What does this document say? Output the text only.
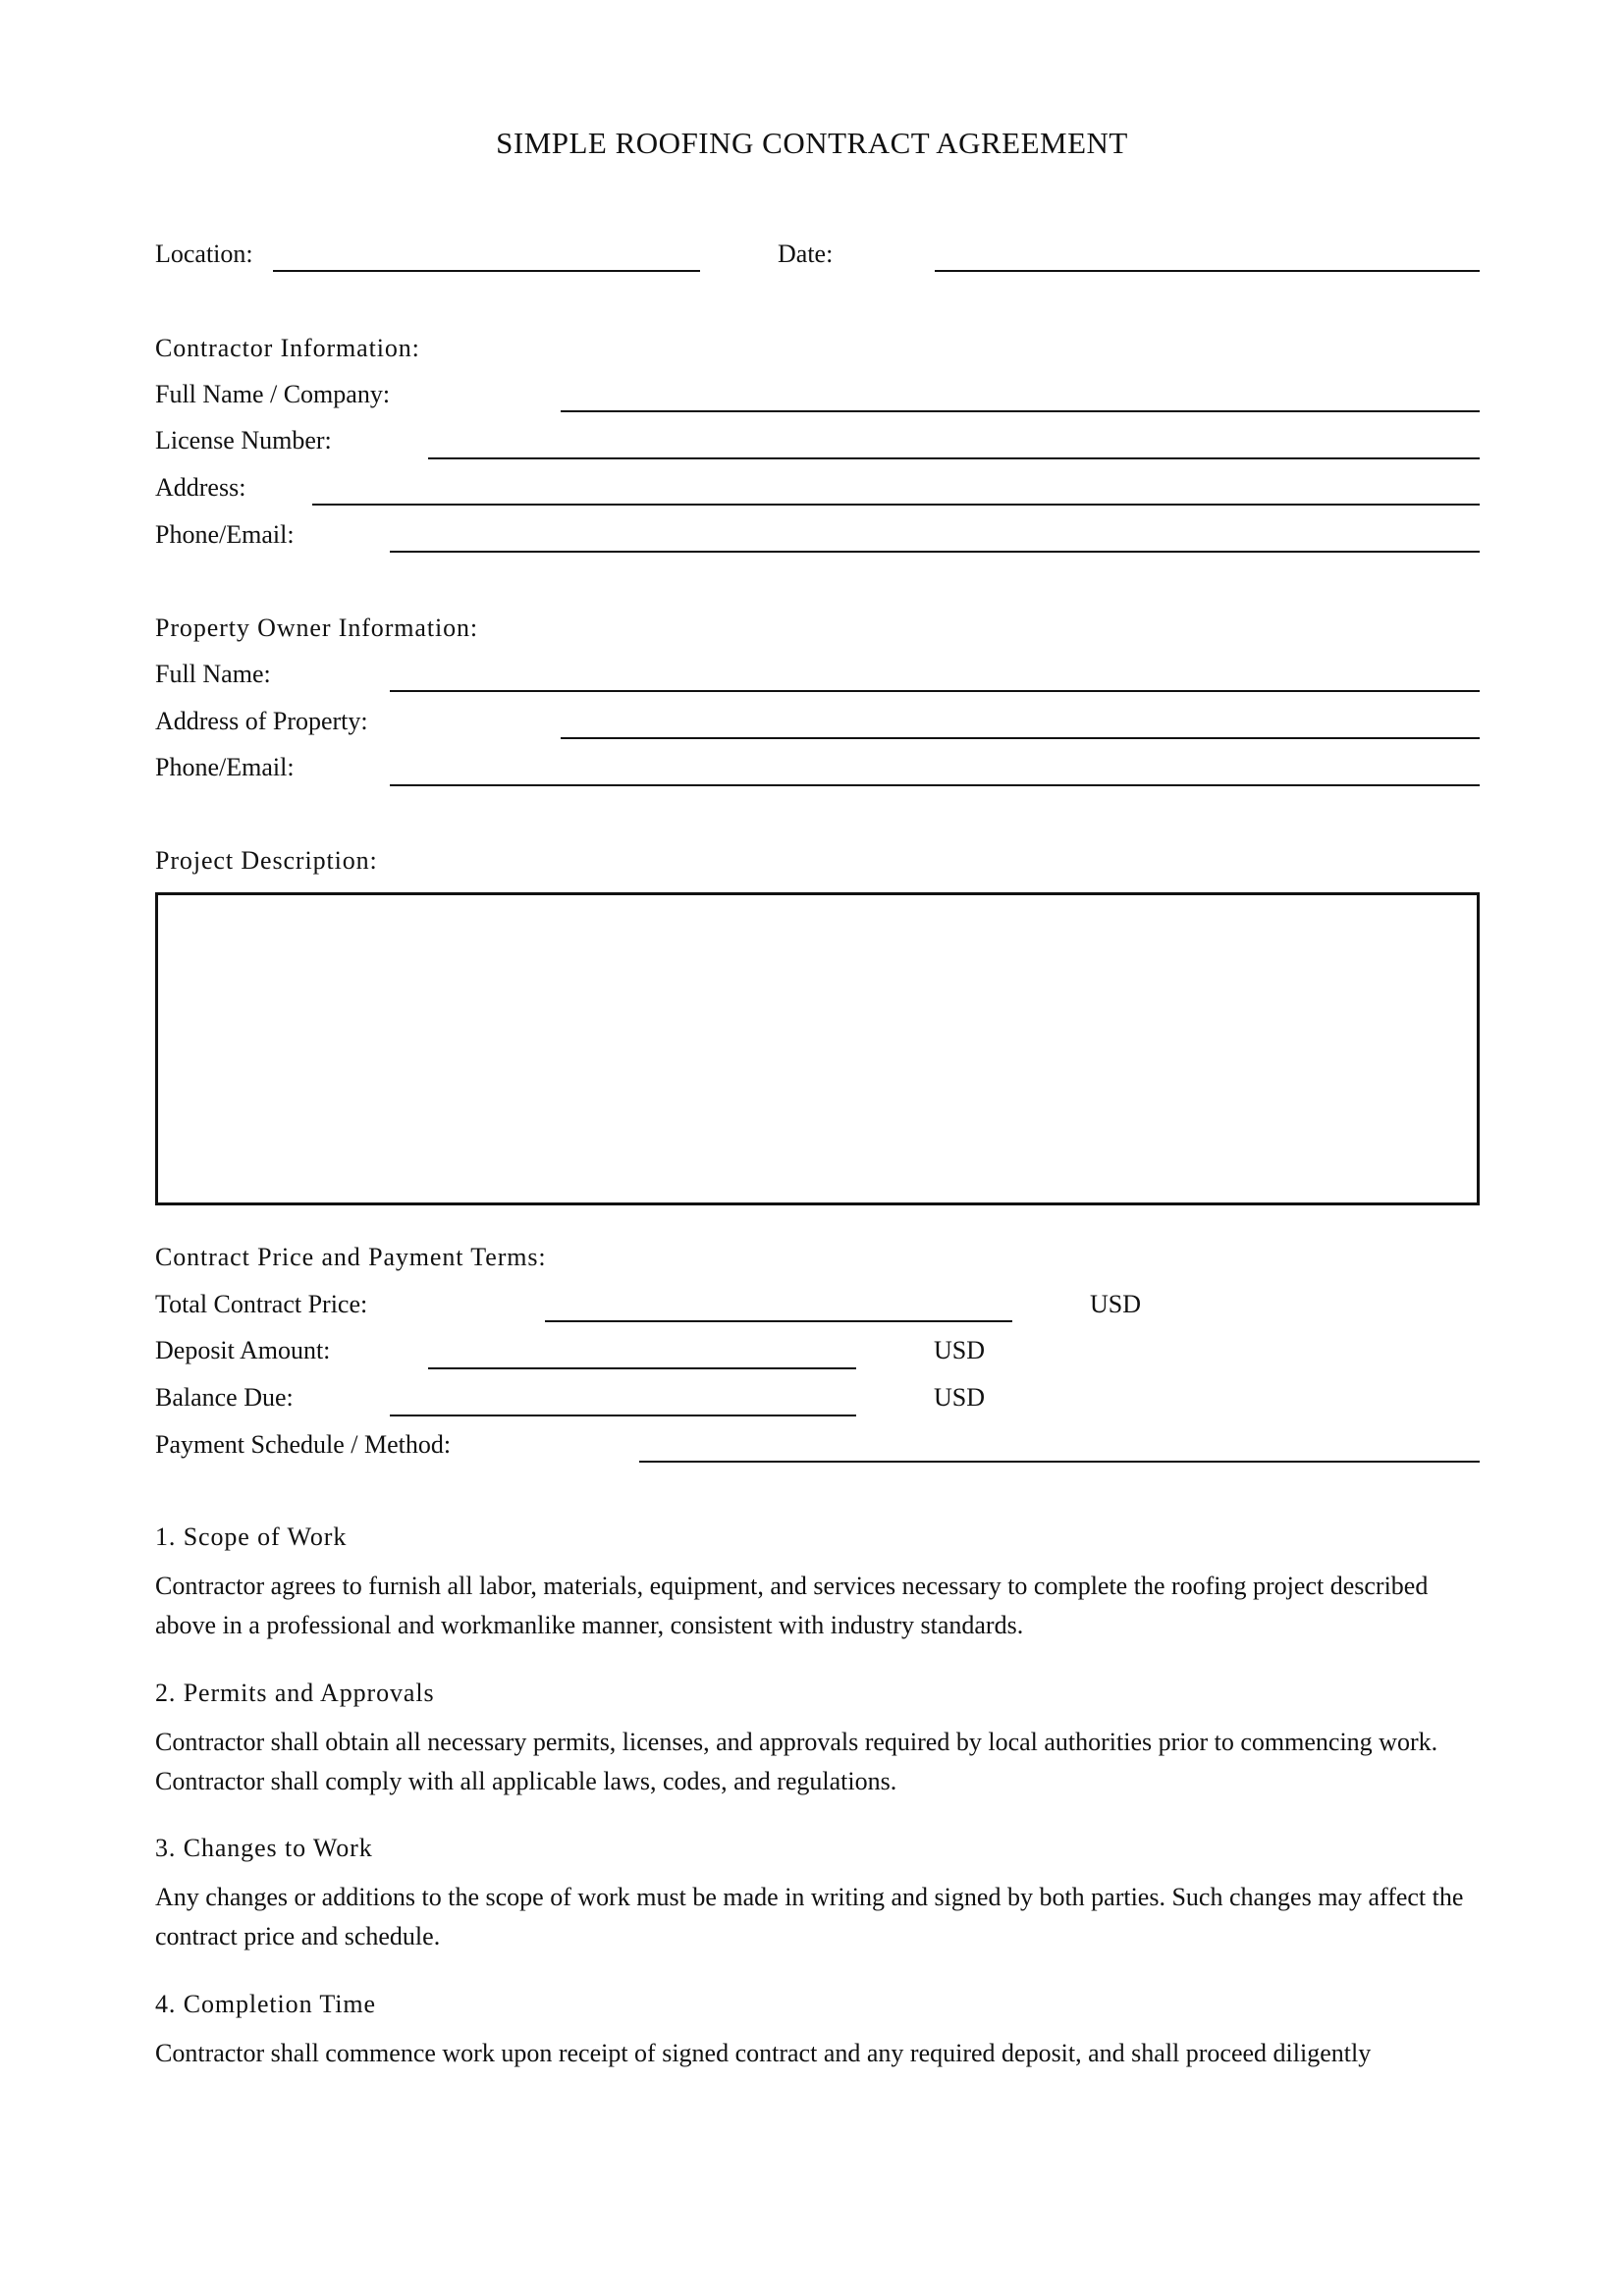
SIMPLE ROOFING CONTRACT AGREEMENT
Location:	Date:
Contractor Information:
Full Name / Company:
License Number:
Address:
Phone/Email:
Property Owner Information:
Full Name:
Address of Property:
Phone/Email:
Project Description:
Contract Price and Payment Terms:
Total Contract Price:	USD
Deposit Amount:	USD
Balance Due:	USD
Payment Schedule / Method:
1. Scope of Work
Contractor agrees to furnish all labor, materials, equipment, and services necessary to complete the roofing project described above in a professional and workmanlike manner, consistent with industry standards.
2. Permits and Approvals
Contractor shall obtain all necessary permits, licenses, and approvals required by local authorities prior to commencing work. Contractor shall comply with all applicable laws, codes, and regulations.
3. Changes to Work
Any changes or additions to the scope of work must be made in writing and signed by both parties. Such changes may affect the contract price and schedule.
4. Completion Time
Contractor shall commence work upon receipt of signed contract and any required deposit, and shall proceed diligently
